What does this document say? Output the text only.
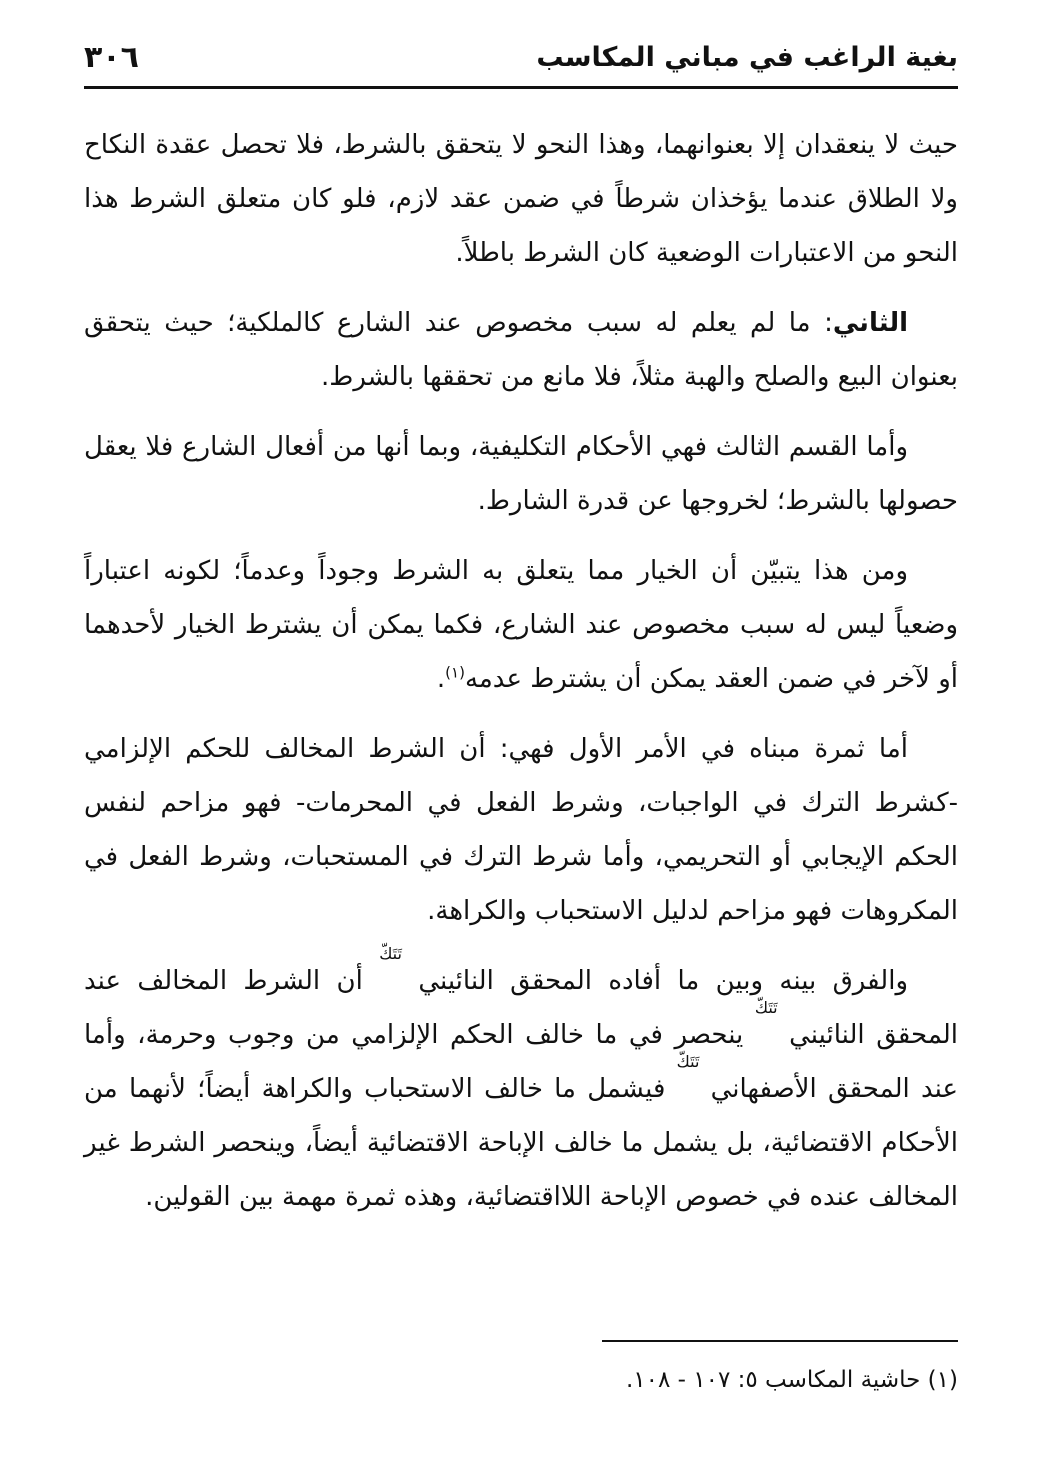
بغية الراغب في مباني المكاسب
٣٠٦

حيث لا ينعقدان إلا بعنوانهما، وهذا النحو لا يتحقق بالشرط، فلا تحصل عقدة النكاح ولا الطلاق عندما يؤخذان شرطاً في ضمن عقد لازم، فلو كان متعلق الشرط هذا النحو من الاعتبارات الوضعية كان الشرط باطلاً.

الثاني: ما لم يعلم له سبب مخصوص عند الشارع كالملكية؛ حيث يتحقق بعنوان البيع والصلح والهبة مثلاً، فلا مانع من تحققها بالشرط.

وأما القسم الثالث فهي الأحكام التكليفية، وبما أنها من أفعال الشارع فلا يعقل حصولها بالشرط؛ لخروجها عن قدرة الشارط.

ومن هذا يتبيّن أن الخيار مما يتعلق به الشرط وجوداً وعدماً؛ لكونه اعتباراً وضعياً ليس له سبب مخصوص عند الشارع، فكما يمكن أن يشترط الخيار لأحدهما أو لآخر في ضمن العقد يمكن أن يشترط عدمه$^{(١)}$.

أما ثمرة مبناه في الأمر الأول فهي: أن الشرط المخالف للحكم الإلزامي -كشرط الترك في الواجبات، وشرط الفعل في المحرمات- فهو مزاحم لنفس الحكم الإيجابي أو التحريمي، وأما شرط الترك في المستحبات، وشرط الفعل في المكروهات فهو مزاحم لدليل الاستحباب والكراهة.

والفرق بينه وبين ما أفاده المحقق النائيني $^{تَتَكّ}$ أن الشرط المخالف عند المحقق النائيني $^{تَتَكّ}$ ينحصر في ما خالف الحكم الإلزامي من وجوب وحرمة، وأما عند المحقق الأصفهاني $^{تَتَكّ}$ فيشمل ما خالف الاستحباب والكراهة أيضاً؛ لأنهما من الأحكام الاقتضائية، بل يشمل ما خالف الإباحة الاقتضائية أيضاً، وينحصر الشرط غير المخالف عنده في خصوص الإباحة اللااقتضائية، وهذه ثمرة مهمة بين القولين.

(١) حاشية المكاسب ٥: ١٠٧ - ١٠٨.
